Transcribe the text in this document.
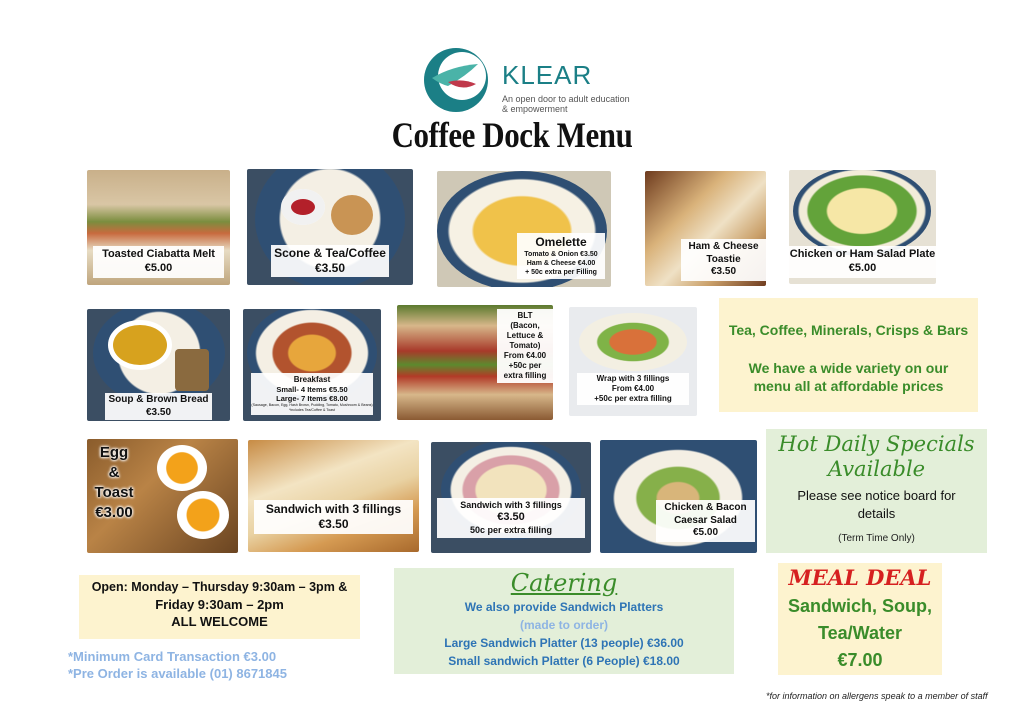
KLEAR
An open door to adult education & empowerment
Coffee Dock Menu
Toasted Ciabatta Melt
€5.00
Scone & Tea/Coffee
€3.50
Omelette
Tomato & Onion €3.50
Ham & Cheese €4.00
+ 50c extra per Filling
Ham & Cheese
Toastie
€3.50
Chicken or Ham Salad Plate
€5.00
Soup & Brown Bread
€3.50
Breakfast
Small- 4 Items €5.50
Large- 7 Items €8.00
(Sausage, Bacon, Egg, Hash Brown, Pudding, Tomato, Mushroom & Beans)
*includes Tea/Coffee & Toast
BLT
(Bacon,
Lettuce &
Tomato)
From €4.00
+50c per
extra filling	Wrap with 3 fillings
From €4.00
+50c per extra filling
Tea, Coffee, Minerals, Crisps & Bars
We have a wide variety on our
menu all at affordable prices
Egg
&
Toast
€3.00	Sandwich with 3 fillings
€3.50
Sandwich with 3 fillings
€3.50
50c per extra filling
Chicken & Bacon
Caesar Salad
€5.00
Hot Daily Specials
Available
Please see notice board for
details
(Term Time Only)
Open: Monday – Thursday 9:30am – 3pm &
Friday 9:30am – 2pm
ALL WELCOME
*Minimum Card Transaction €3.00
*Pre Order is available (01) 8671845
Catering
We also provide Sandwich Platters
(made to order)
Large Sandwich Platter (13 people) €36.00
Small sandwich Platter (6 People) €18.00
MEAL DEAL
Sandwich, Soup,
Tea/Water
€7.00
*for information on allergens speak to a member of staff
